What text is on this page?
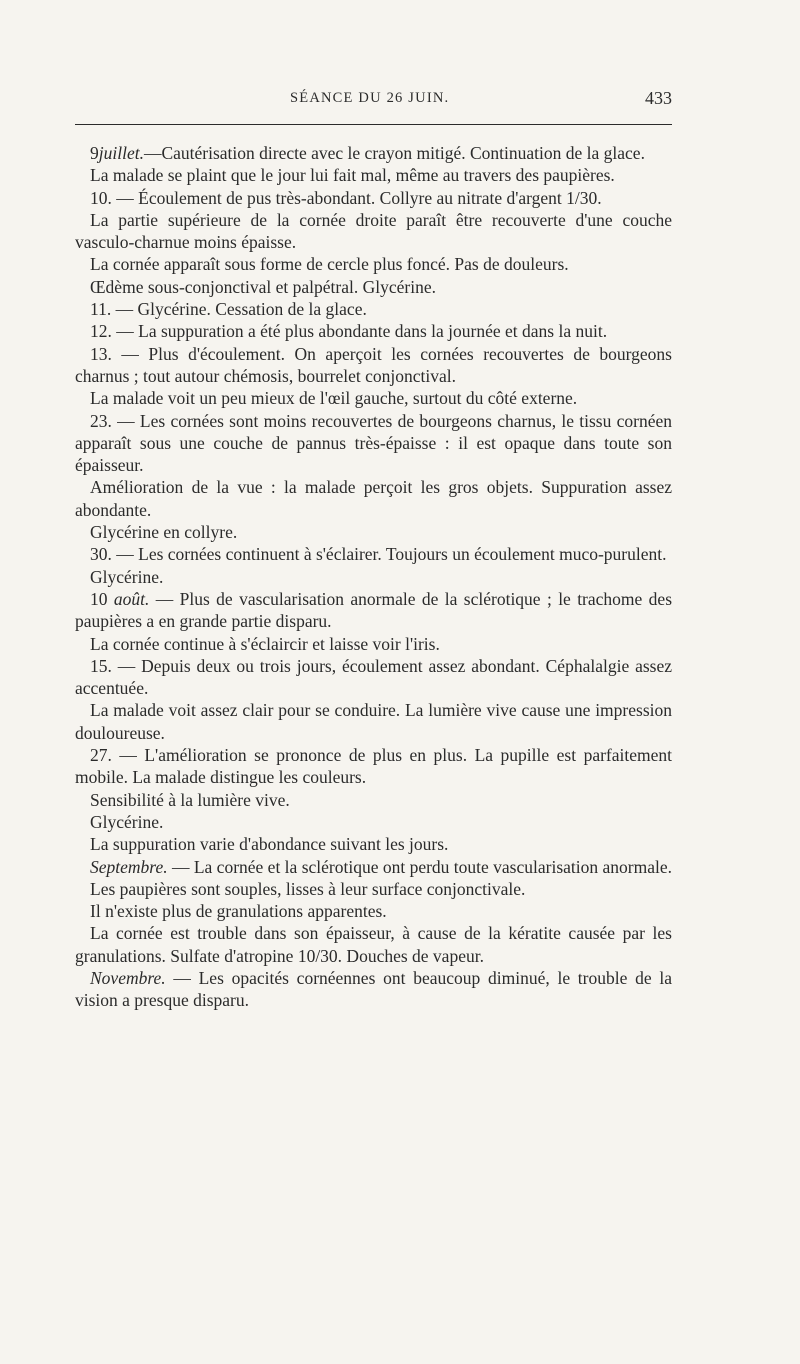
SÉANCE DU 26 JUIN.	433

9juillet.—Cautérisation directe avec le crayon mitigé. Continuation de la glace.

La malade se plaint que le jour lui fait mal, même au travers des paupières.

10. — Écoulement de pus très-abondant. Collyre au nitrate d'argent 1/30.

La partie supérieure de la cornée droite paraît être recouverte d'une couche vasculo-charnue moins épaisse.

La cornée apparaît sous forme de cercle plus foncé. Pas de douleurs.

Œdème sous-conjonctival et palpétral. Glycérine.

11. — Glycérine. Cessation de la glace.

12. — La suppuration a été plus abondante dans la journée et dans la nuit.

13. — Plus d'écoulement. On aperçoit les cornées recouvertes de bourgeons charnus ; tout autour chémosis, bourrelet conjonctival.

La malade voit un peu mieux de l'œil gauche, surtout du côté externe.

23. — Les cornées sont moins recouvertes de bourgeons charnus, le tissu cornéen apparaît sous une couche de pannus très-épaisse : il est opaque dans toute son épaisseur.

Amélioration de la vue : la malade perçoit les gros objets. Suppuration assez abondante.

Glycérine en collyre.

30. — Les cornées continuent à s'éclairer. Toujours un écoulement muco-purulent.

Glycérine.

10 août. — Plus de vascularisation anormale de la sclérotique ; le trachome des paupières a en grande partie disparu.

La cornée continue à s'éclaircir et laisse voir l'iris.

15. — Depuis deux ou trois jours, écoulement assez abondant. Céphalalgie assez accentuée.

La malade voit assez clair pour se conduire. La lumière vive cause une impression douloureuse.

27. — L'amélioration se prononce de plus en plus. La pupille est parfaitement mobile. La malade distingue les couleurs.

Sensibilité à la lumière vive.

Glycérine.

La suppuration varie d'abondance suivant les jours.

Septembre. — La cornée et la sclérotique ont perdu toute vascularisation anormale.

Les paupières sont souples, lisses à leur surface conjonctivale.

Il n'existe plus de granulations apparentes.

La cornée est trouble dans son épaisseur, à cause de la kératite causée par les granulations. Sulfate d'atropine 10/30. Douches de vapeur.

Novembre. — Les opacités cornéennes ont beaucoup diminué, le trouble de la vision a presque disparu.
